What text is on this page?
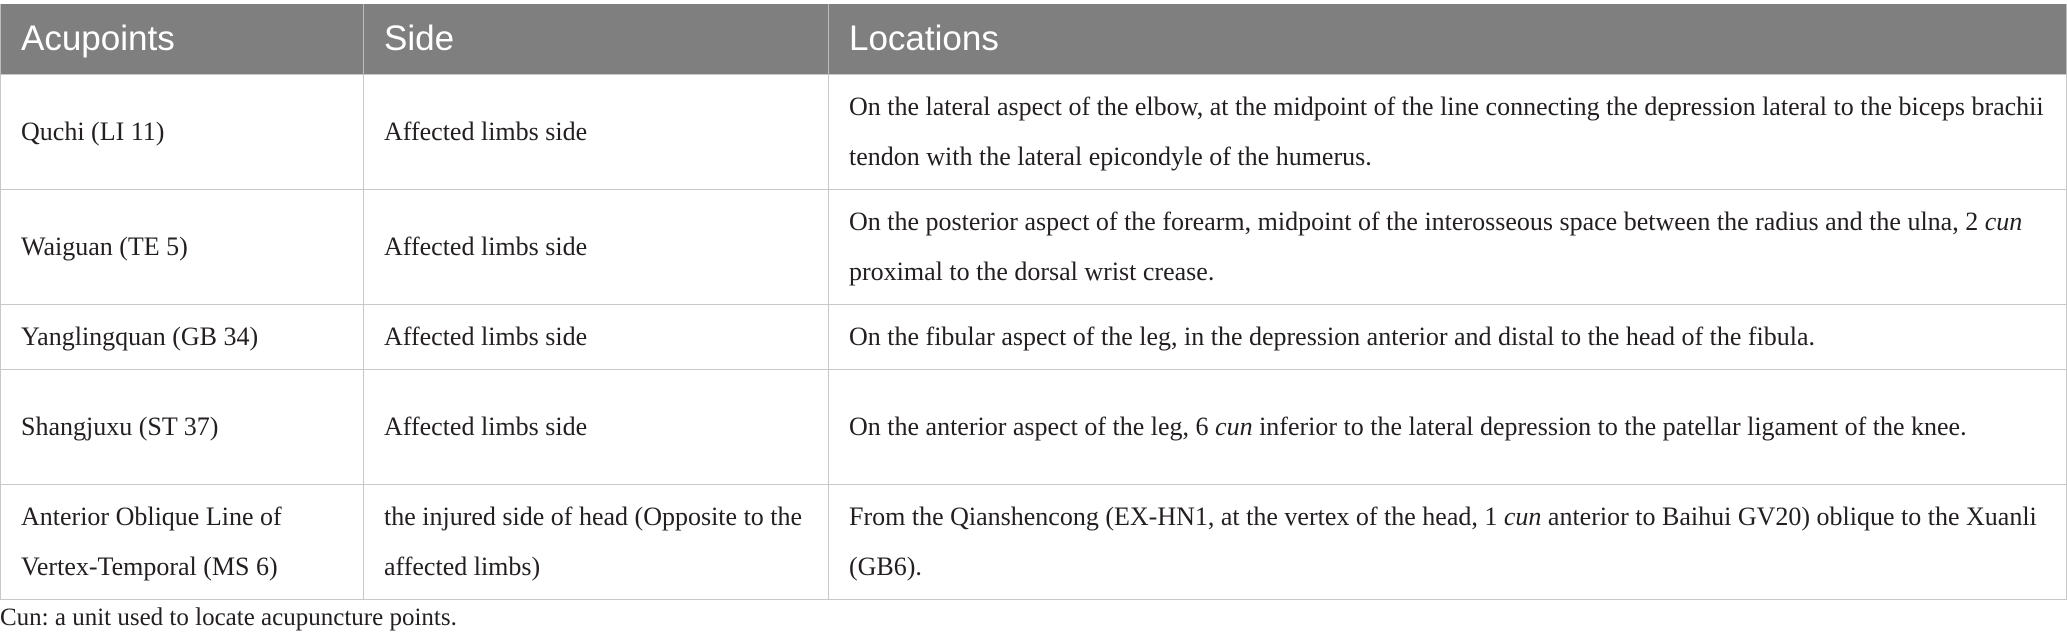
Acupoints	Side	Locations
Quchi (LI 11)	Affected limbs side	On the lateral aspect of the elbow, at the midpoint of the line connecting the depression lateral to the biceps brachii tendon with the lateral epicondyle of the humerus.
Waiguan (TE 5)	Affected limbs side	On the posterior aspect of the forearm, midpoint of the interosseous space between the radius and the ulna, 2 cun proximal to the dorsal wrist crease.
Yanglingquan (GB 34)	Affected limbs side	On the fibular aspect of the leg, in the depression anterior and distal to the head of the fibula.
Shangjuxu (ST 37)	Affected limbs side	On the anterior aspect of the leg, 6 cun inferior to the lateral depression to the patellar ligament of the knee.
Anterior Oblique Line of Vertex-Temporal (MS 6)	the injured side of head (Opposite to the affected limbs)	From the Qianshencong (EX-HN1, at the vertex of the head, 1 cun anterior to Baihui GV20) oblique to the Xuanli (GB6).
Cun: a unit used to locate acupuncture points.
